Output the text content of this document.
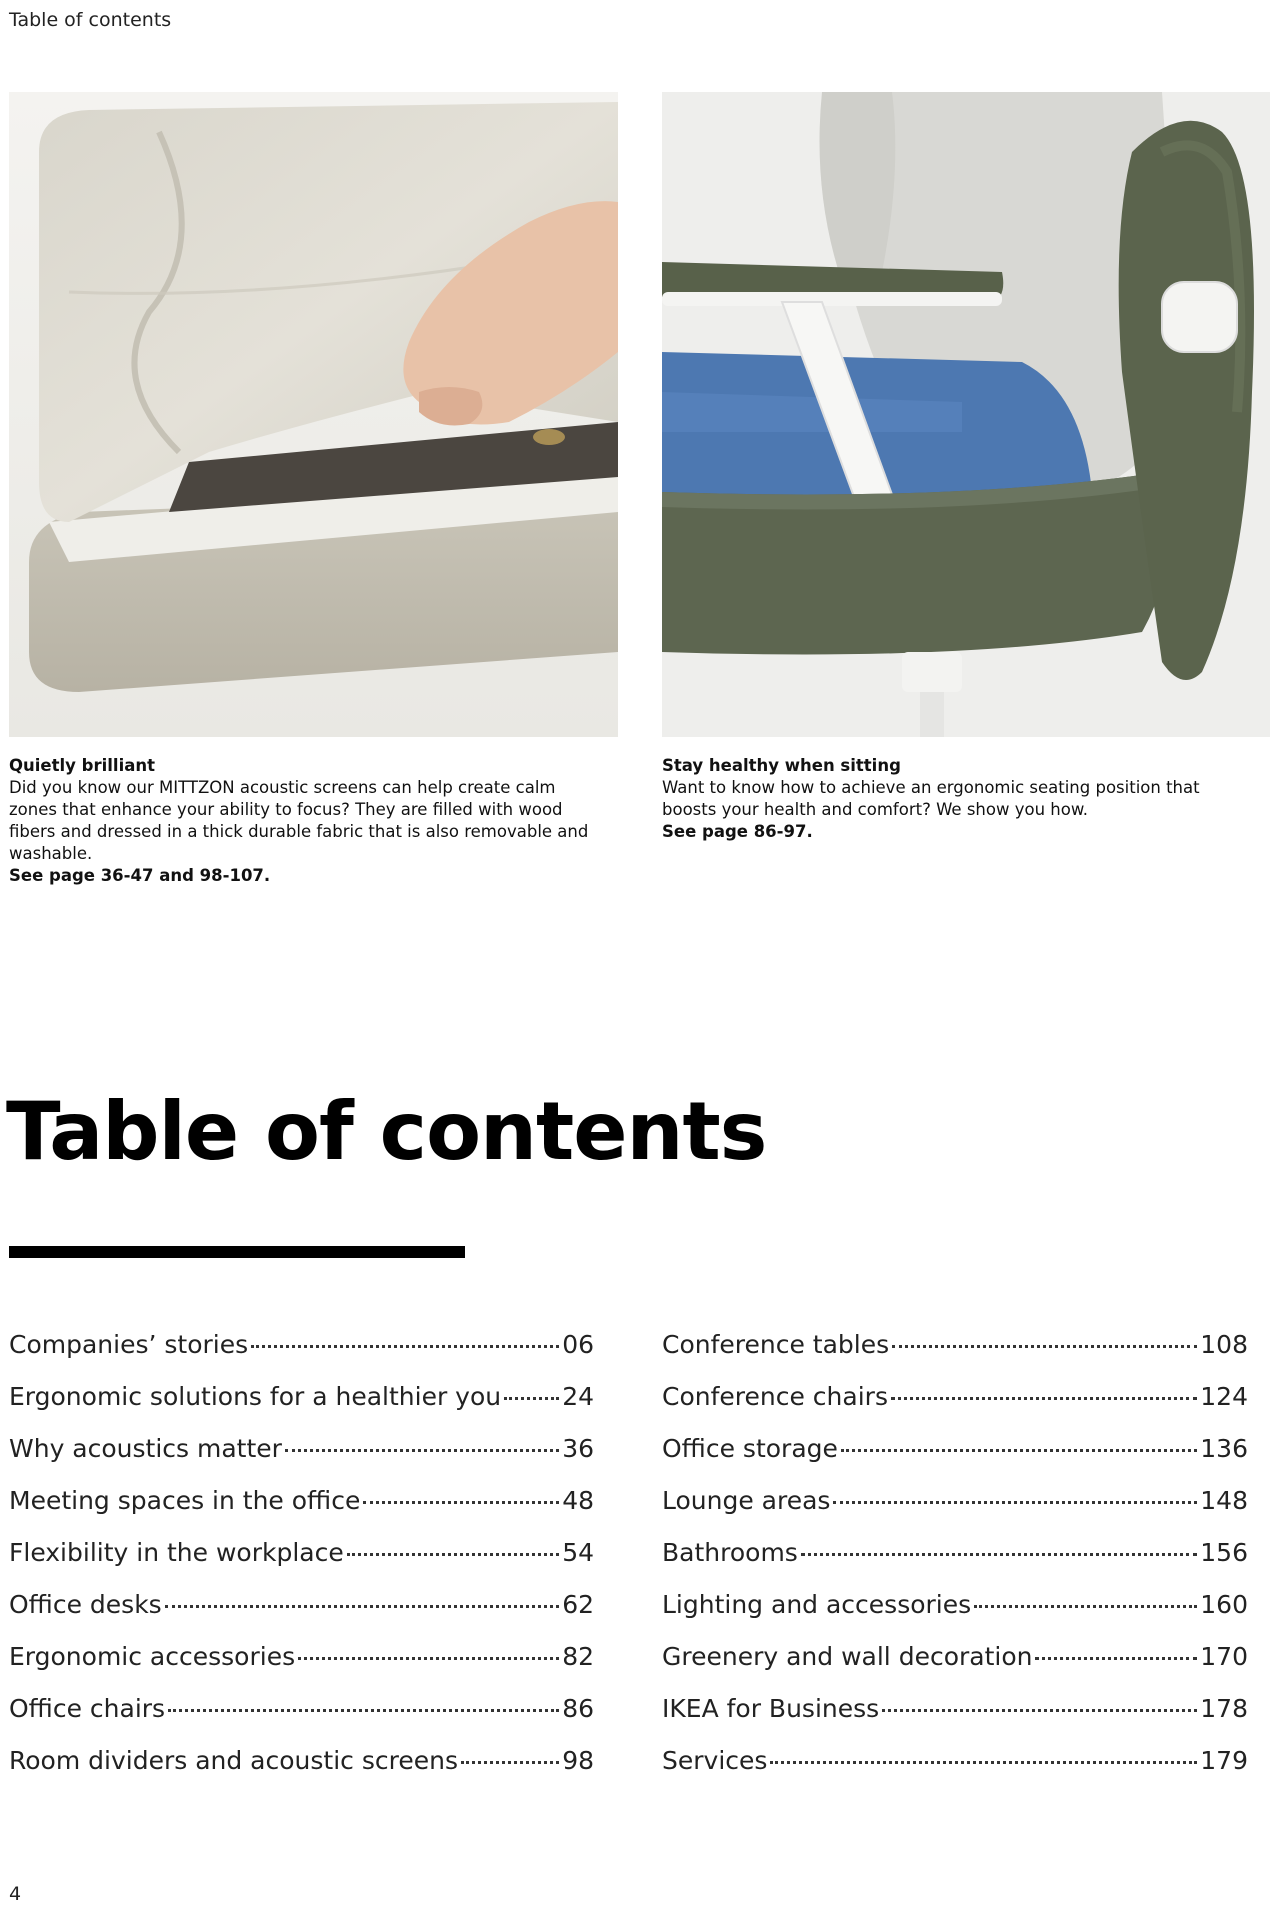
Table of contents
Quietly brilliant
Did you know our MITTZON acoustic screens can help create calm zones that enhance your ability to focus? They are filled with wood fibers and dressed in a thick durable fabric that is also removable and washable.
See page 36-47 and 98-107.
Stay healthy when sitting
Want to know how to achieve an ergonomic seating position that boosts your health and comfort? We show you how.
See page 86-97.
Table of contents
Companies’ stories	06
Ergonomic solutions for a healthier you 24
Why acoustics matter	36
Meeting spaces in the office	48
Flexibility in the workplace	54
Office desks	62
Ergonomic accessories	82
Office chairs	86
Room dividers and acoustic screens	98
Conference tables	108
Conference chairs	124
Office storage	136
Lounge areas	148
Bathrooms	156
Lighting and accessories	160
Greenery and wall decoration	170
IKEA for Business	178
Services	179
4
